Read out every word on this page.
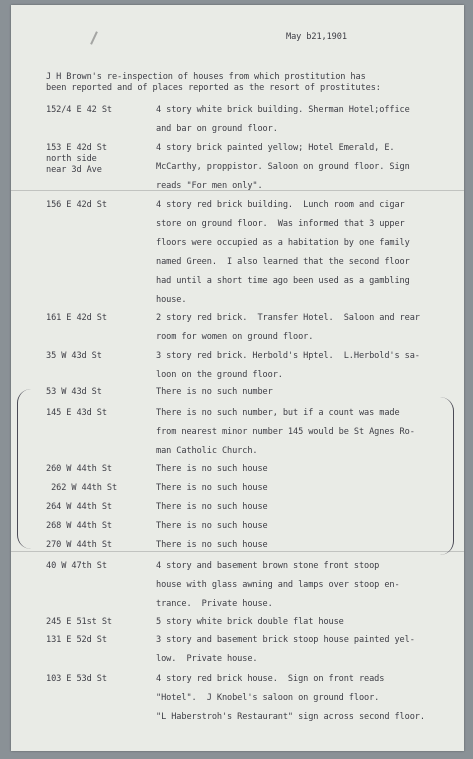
May b21,1901
J H Brown's re-inspection of houses from which prostitution has
been reported and of places reported as the resort of prostitutes:
152/4 E 42 St	4 story white brick building. Sherman Hotel;office
and bar on ground floor.
153 E 42d St
north side
near 3d Ave
4 story brick painted yellow; Hotel Emerald, E.
McCarthy, proppistor. Saloon on ground floor. Sign
reads "For men only".
156 E 42d St	4 story red brick building.  Lunch room and cigar
store on ground floor.  Was informed that 3 upper
floors were occupied as a habitation by one family
named Green.  I also learned that the second floor
had until a short time ago been used as a gambling
house.
161 E 42d St	2 story red brick.  Transfer Hotel.  Saloon and rear
room for women on ground floor.
35 W 43d St	3 story red brick. Herbold's Hptel.  L.Herbold's sa-
loon on the ground floor.
53 W 43d St	There is no such number
145 E 43d St	There is no such number, but if a count was made
from nearest minor number 145 would be St Agnes Ro-
man Catholic Church.
260 W 44th St	There is no such house
262 W 44th St	There is no such house
264 W 44th St	There is no such house
268 W 44th St	There is no such house
270 W 44th St	There is no such house
40 W 47th St	4 story and basement brown stone front stoop
house with glass awning and lamps over stoop en-
trance.  Private house.
245 E 51st St	5 story white brick double flat house
131 E 52d St	3 story and basement brick stoop house painted yel-
low.  Private house.
103 E 53d St	4 story red brick house.  Sign on front reads
"Hotel".  J Knobel's saloon on ground floor.
"L Haberstroh's Restaurant" sign across second floor.
